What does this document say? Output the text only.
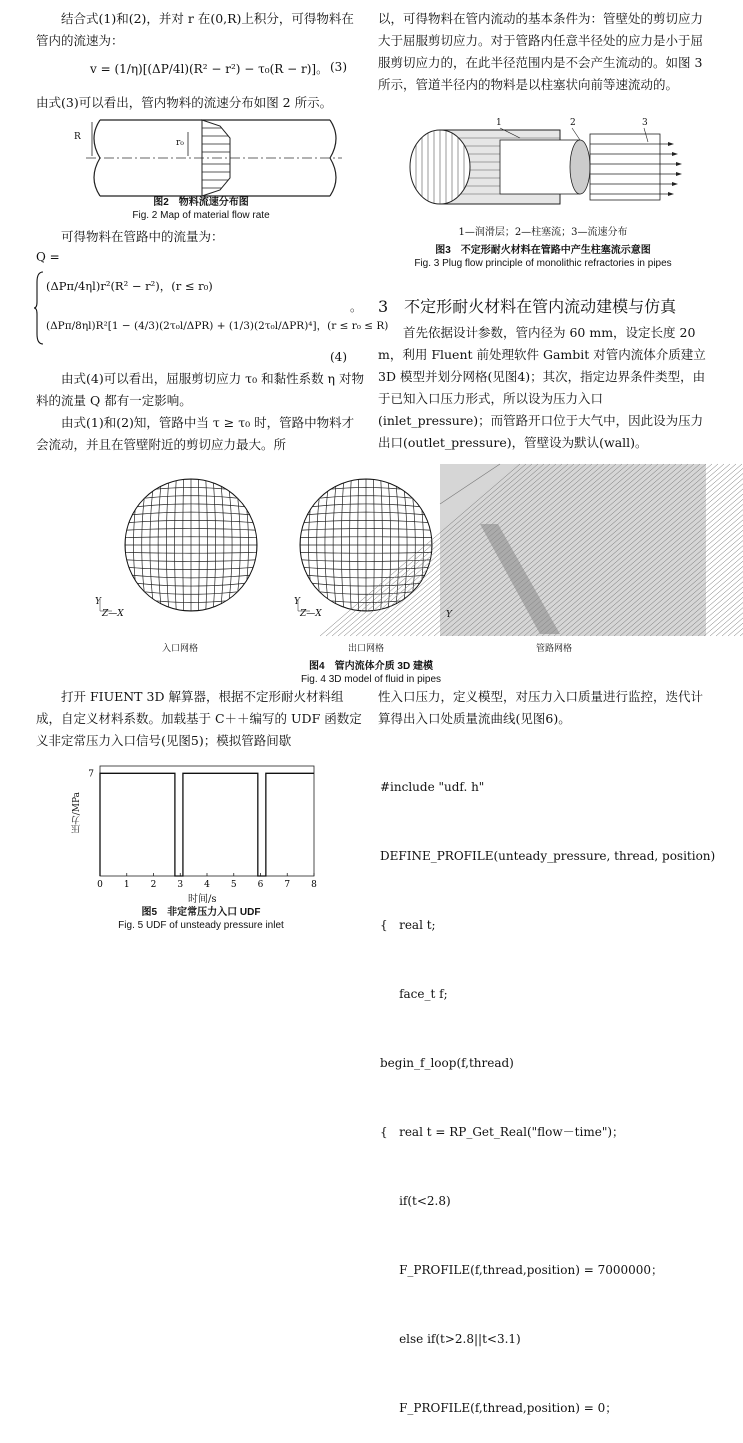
结合式(1)和(2)，并对 r 在(0,R)上积分，可得物料在管内的流速为：

v = (1/η)[(ΔP/4l)(R² − r²) − τ₀(R − r)]。 (3)

由式(3)可以看出，管内物料的流速分布如图 2 所示。

R
r₀
图2　物料流速分布图
Fig. 2 Map of material flow rate

可得物料在管路中的流量为：

Q =
(ΔPπ/4ηl)r²(R² − r²)，(r ≤ r₀)
(ΔPπ/8ηl)R²[1 − (4/3)(2τ₀l/ΔPR) + (1/3)(2τ₀l/ΔPR)⁴]，(r ≤ r₀ ≤ R)
。
(4)

由式(4)可以看出，屈服剪切应力 τ₀ 和黏性系数 η 对物料的流量 Q 都有一定影响。

由式(1)和(2)知，管路中当 τ ≥ τ₀ 时，管路中物料才会流动，并且在管壁附近的剪切应力最大。所

以，可得物料在管内流动的基本条件为：管壁处的剪切应力大于屈服剪切应力。对于管路内任意半径处的应力是小于屈服剪切应力的，在此半径范围内是不会产生流动的。如图 3 所示，管道半径内的物料是以柱塞状向前等速流动的。

1	2	3
1—润滑层；2—柱塞流；3—流速分布
图3　不定形耐火材料在管路中产生柱塞流示意图
Fig. 3 Plug flow principle of monolithic refractories in pipes
3　不定形耐火材料在管内流动建模与仿真

首先依据设计参数，管内径为 60 mm，设定长度 20 m，利用 Fluent 前处理软件 Gambit 对管内流体介质建立 3D 模型并划分网格(见图4)；其次，指定边界条件类型，由于已知入口压力形式，所以设为压力入口(inlet_pressure)；而管路开口位于大气中，因此设为压力出口(outlet_pressure)，管壁设为默认(wall)。

Y
Z—X
Y
Z—X	Y
入口网格	出口网格	管路网格
图4　管内流体介质 3D 建模
Fig. 4 3D model of fluid in pipes

打开 FIUENT 3D 解算器，根据不定形耐火材料组成，自定义材料系数。加载基于 C＋＋编写的 UDF 函数定义非定常压力入口信号(见图5)；模拟管路间歇

性入口压力，定义模型，对压力入口质量进行监控，迭代计算得出入口处质量流曲线(见图6)。

#include "udf. h"

DEFINE_PROFILE(unteady_pressure, thread, position)

{   real t;

face_t f;

begin_f_loop(f,thread)

{   real t = RP_Get_Real("flow－time")；

if(t<2.8)

F_PROFILE(f,thread,position) = 7000000；

else if(t>2.8||t<3.1)

F_PROFILE(f,thread,position) = 0；

0 1 2 3 4 5 6 7 8
7
压力/MPa
时间/s
图5　非定常压力入口 UDF
Fig. 5 UDF of unsteady pressure inlet
